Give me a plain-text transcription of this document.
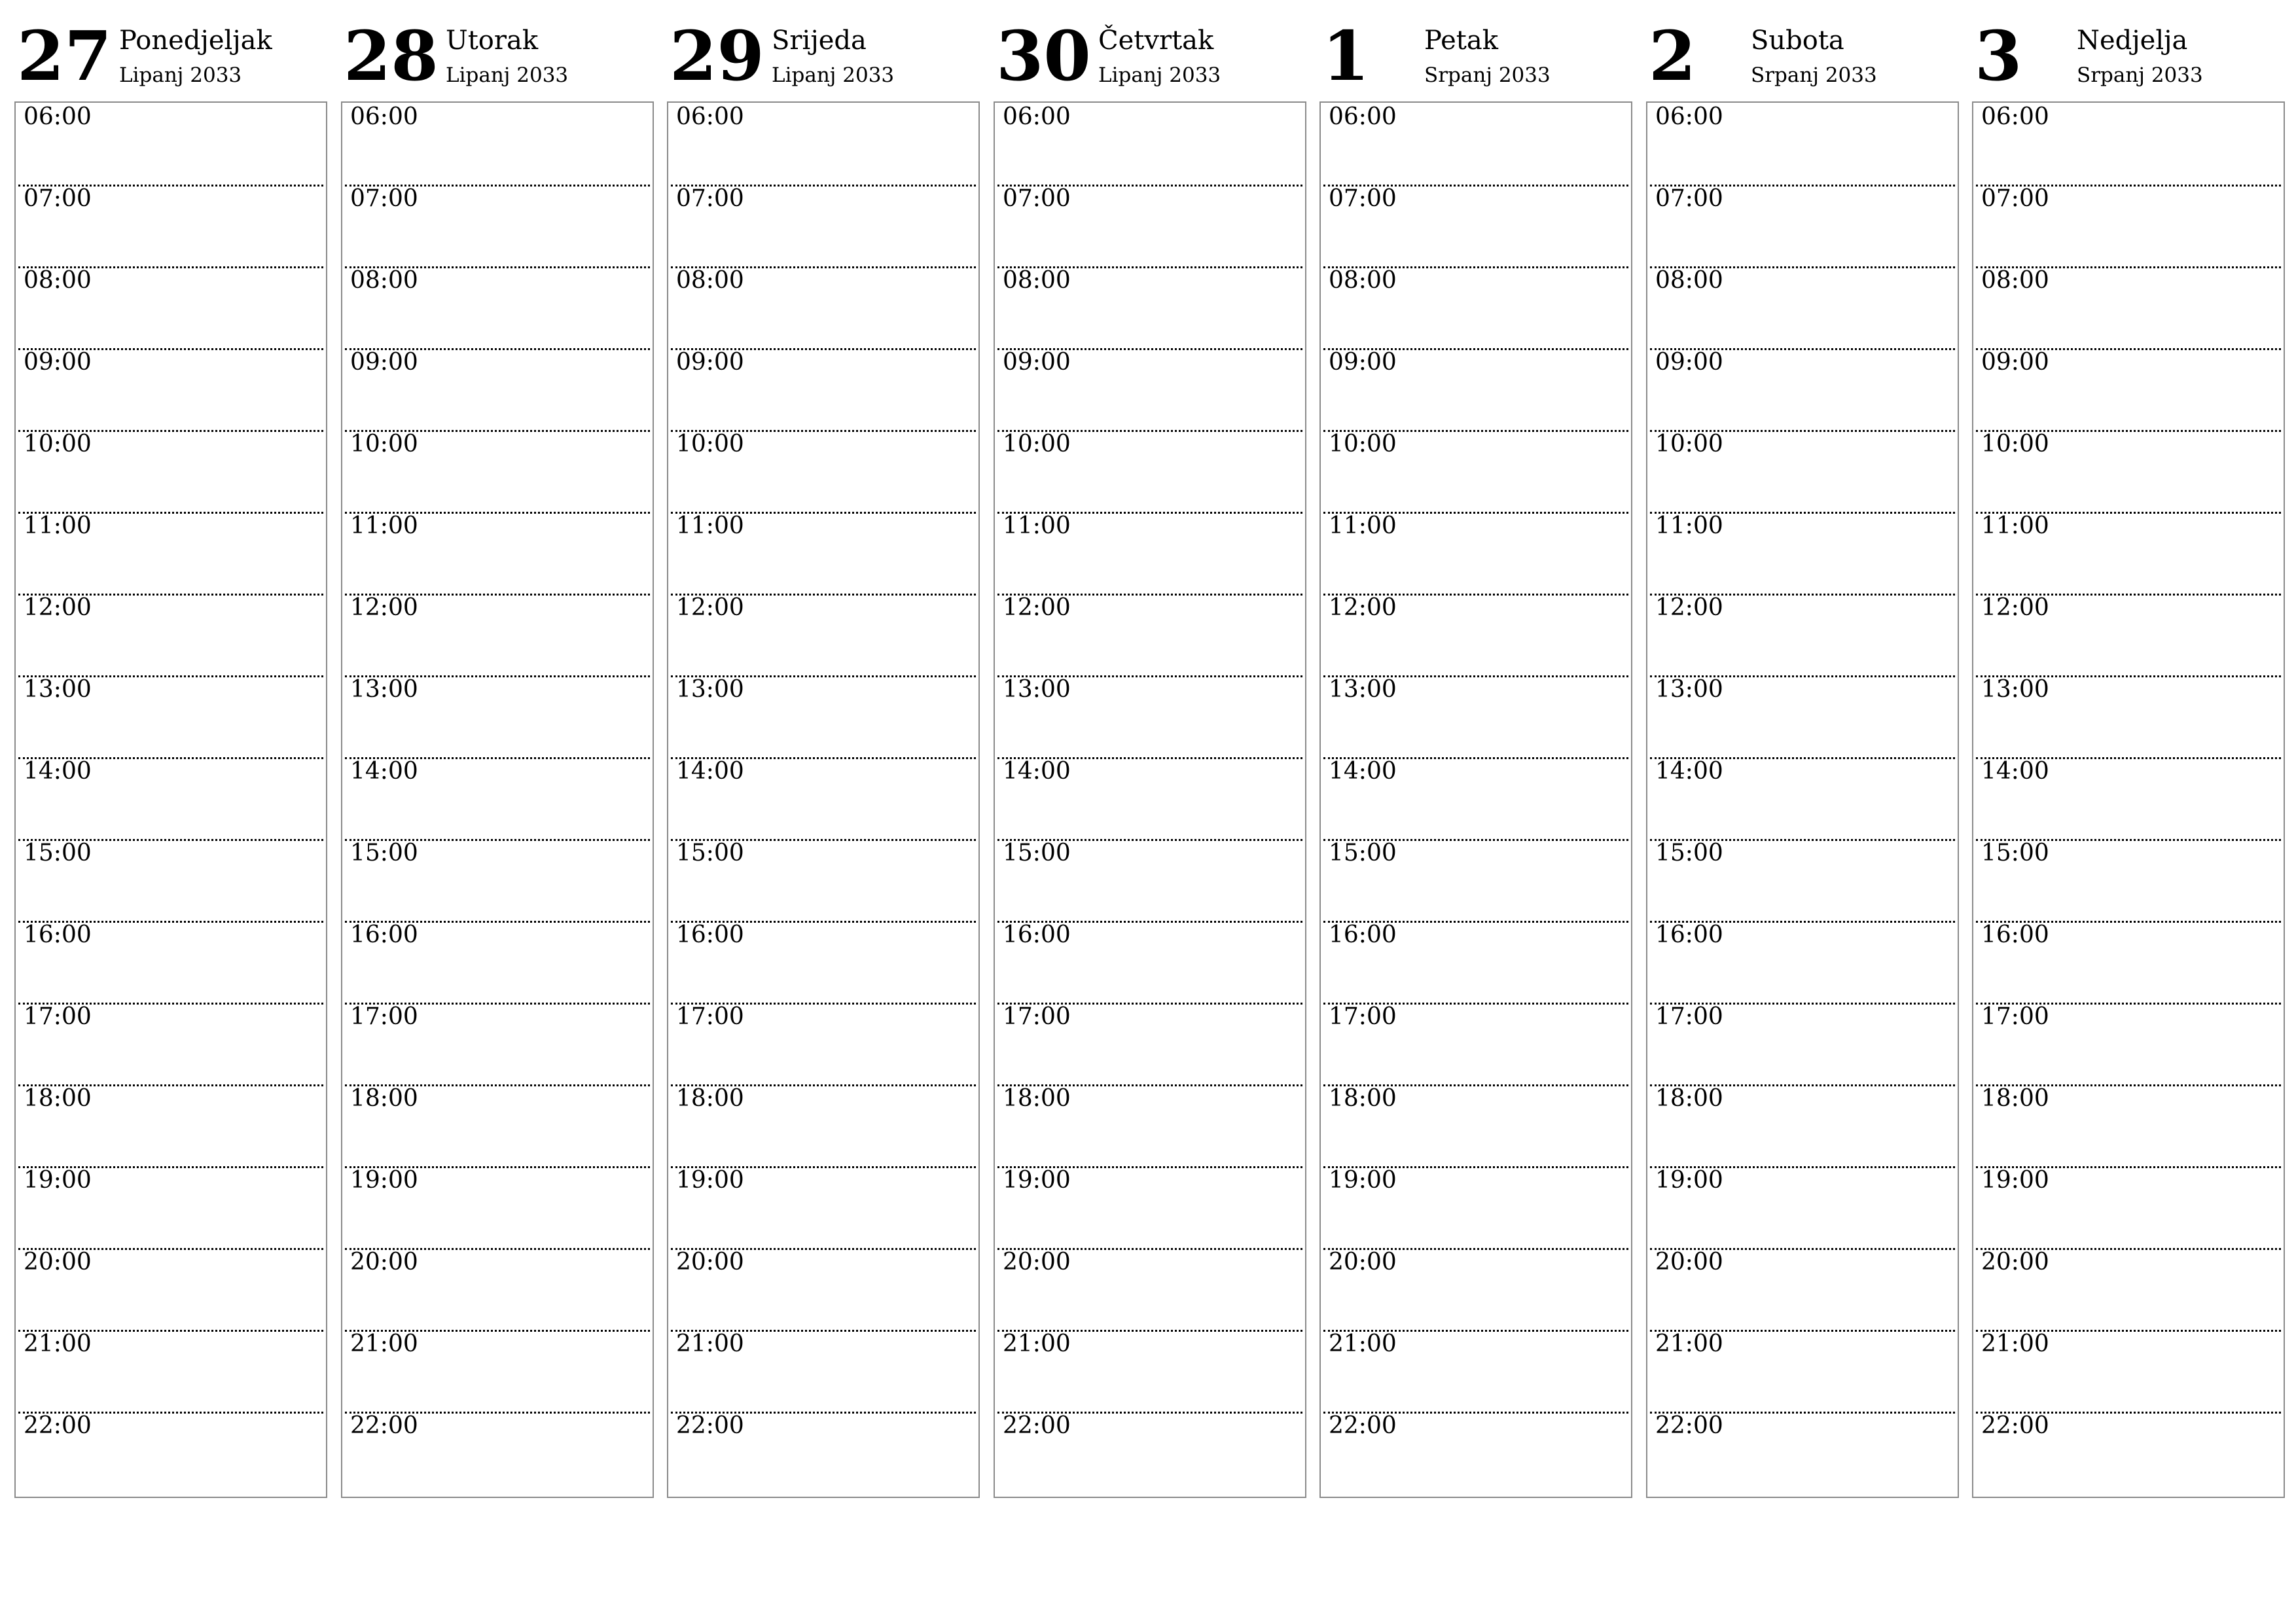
27 Ponedjeljak
Lipanj 2033
06:00
07:00
08:00
09:00
10:00
11:00
12:00
13:00
14:00
15:00
16:00
17:00
18:00
19:00
20:00
21:00
22:00
28 Utorak
Lipanj 2033
06:00
07:00
08:00
09:00
10:00
11:00
12:00
13:00
14:00
15:00
16:00
17:00
18:00
19:00
20:00
21:00
22:00
29 Srijeda
Lipanj 2033
06:00
07:00
08:00
09:00
10:00
11:00
12:00
13:00
14:00
15:00
16:00
17:00
18:00
19:00
20:00
21:00
22:00
30 Četvrtak
Lipanj 2033
06:00
07:00
08:00
09:00
10:00
11:00
12:00
13:00
14:00
15:00
16:00
17:00
18:00
19:00
20:00
21:00
22:00
1 Petak
Srpanj 2033
06:00
07:00
08:00
09:00
10:00
11:00
12:00
13:00
14:00
15:00
16:00
17:00
18:00
19:00
20:00
21:00
22:00
2 Subota
Srpanj 2033
06:00
07:00
08:00
09:00
10:00
11:00
12:00
13:00
14:00
15:00
16:00
17:00
18:00
19:00
20:00
21:00
22:00
3 Nedjelja
Srpanj 2033
06:00
07:00
08:00
09:00
10:00
11:00
12:00
13:00
14:00
15:00
16:00
17:00
18:00
19:00
20:00
21:00
22:00
